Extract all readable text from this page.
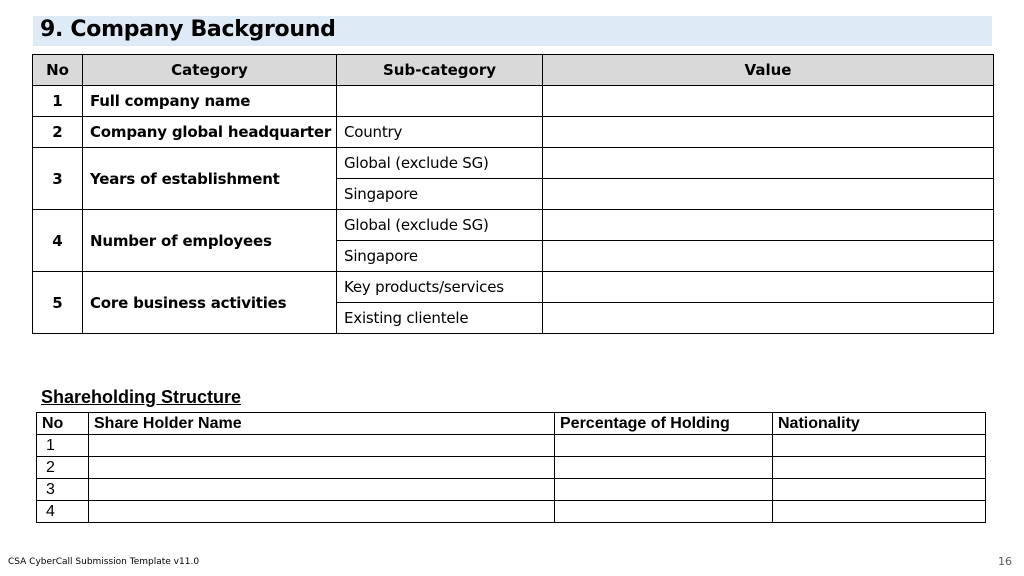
9. Company Background
No	Category	Sub-category	Value
1	Full company name		
2	Company global headquarter	Country	
3	Years of establishment	Global (exclude SG)	
		Singapore	
4	Number of employees	Global (exclude SG)	
		Singapore	
5	Core business activities	Key products/services	
		Existing clientele	
Shareholding Structure
No	Share Holder Name	Percentage of Holding	Nationality
1			
2			
3			
4			
CSA CyberCall Submission Template v11.0	16
